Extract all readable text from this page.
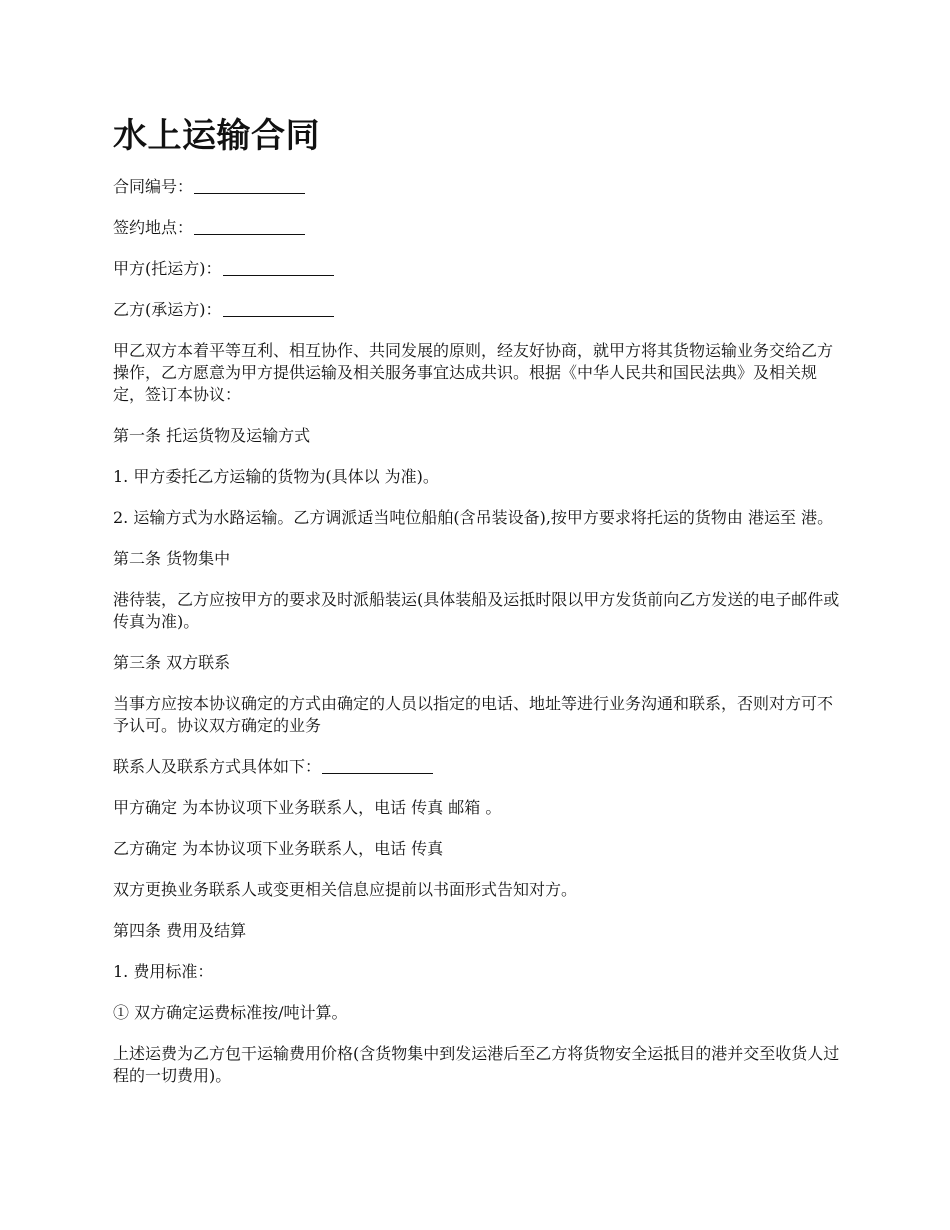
水上运输合同
合同编号：
签约地点：
甲方(托运方)：
乙方(承运方)：
甲乙双方本着平等互利、相互协作、共同发展的原则，经友好协商，就甲方将其货物运输业务交给乙方操作，乙方愿意为甲方提供运输及相关服务事宜达成共识。根据《中华人民共和国民法典》及相关规定，签订本协议：
第一条 托运货物及运输方式
1. 甲方委托乙方运输的货物为(具体以 为准)。
2. 运输方式为水路运输。乙方调派适当吨位船舶(含吊装设备),按甲方要求将托运的货物由 港运至 港。
第二条 货物集中
港待装，乙方应按甲方的要求及时派船装运(具体装船及运抵时限以甲方发货前向乙方发送的电子邮件或传真为准)。
第三条 双方联系
当事方应按本协议确定的方式由确定的人员以指定的电话、地址等进行业务沟通和联系，否则对方可不予认可。协议双方确定的业务
联系人及联系方式具体如下：
甲方确定 为本协议项下业务联系人，电话 传真 邮箱 。
乙方确定 为本协议项下业务联系人，电话 传真
双方更换业务联系人或变更相关信息应提前以书面形式告知对方。
第四条 费用及结算
1. 费用标准：
① 双方确定运费标准按/吨计算。
上述运费为乙方包干运输费用价格(含货物集中到发运港后至乙方将货物安全运抵目的港并交至收货人过程的一切费用)。
